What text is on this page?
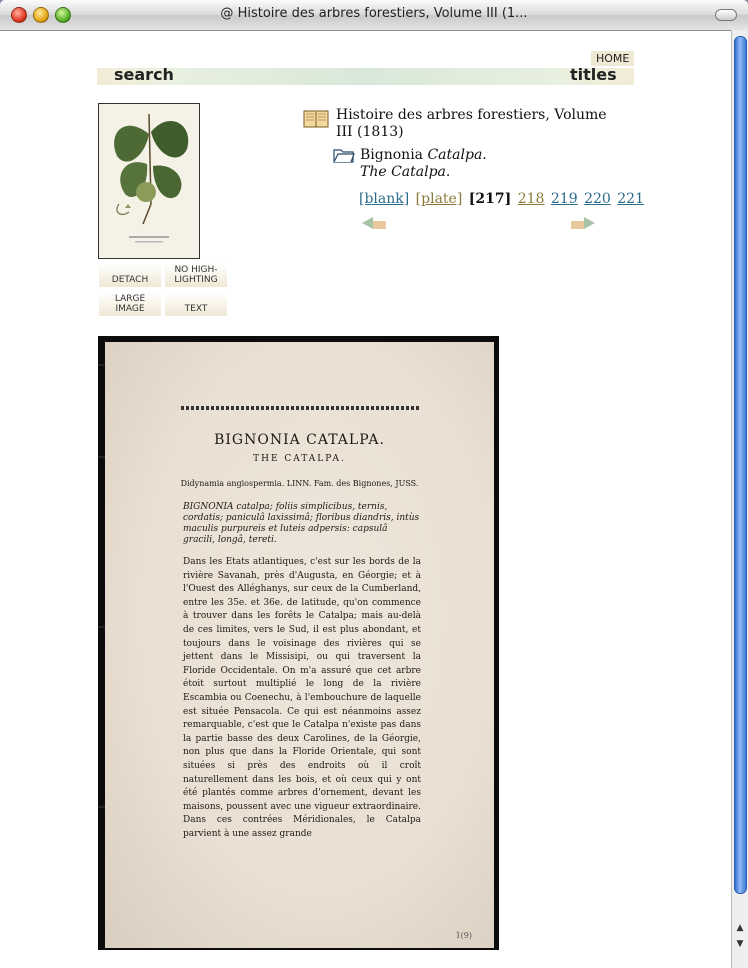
@ Histoire des arbres forestiers, Volume III (1...
▲
▼
HOME
search	titles
DETACH
NO HIGH-
LIGHTING
LARGE
IMAGE	TEXT
Histoire des arbres forestiers, Volume III (1813)
Bignonia Catalpa.
The Catalpa.
[blank] [plate] [217] 218 219 220 221
BIGNONIA CATALPA.
THE CATALPA.
Didynamia angiospermia. LINN. Fam. des Bignones, JUSS.
BIGNONIA catalpa; foliis simplicibus, ternis, cordatis; paniculâ laxissimâ; floribus diandris, intùs maculis purpureis et luteis adpersis: capsulâ gracili, longâ, tereti.
Dans les Etats atlantiques, c'est sur les bords de la rivière Savanah, près d'Augusta, en Géorgie; et à l'Ouest des Alléghanys, sur ceux de la Cumberland, entre les 35e. et 36e. de latitude, qu'on commence à trouver dans les forêts le Catalpa; mais au-delà de ces limites, vers le Sud, il est plus abondant, et toujours dans le voisinage des rivières qui se jettent dans le Missisipi, ou qui traversent la Floride Occidentale. On m'a assuré que cet arbre étoit surtout multiplié le long de la rivière Escambia ou Coenechu, à l'embouchure de laquelle est située Pensacola. Ce qui est néanmoins assez remarquable, c'est que le Catalpa n'existe pas dans la partie basse des deux Carolines, de la Géorgie, non plus que dans la Floride Orientale, qui sont situées si près des endroits où il croît naturellement dans les bois, et où ceux qui y ont été plantés comme arbres d'ornement, devant les maisons, poussent avec une vigueur extraordinaire. Dans ces contrées Méridionales, le Catalpa parvient à une assez grande
1(9)
